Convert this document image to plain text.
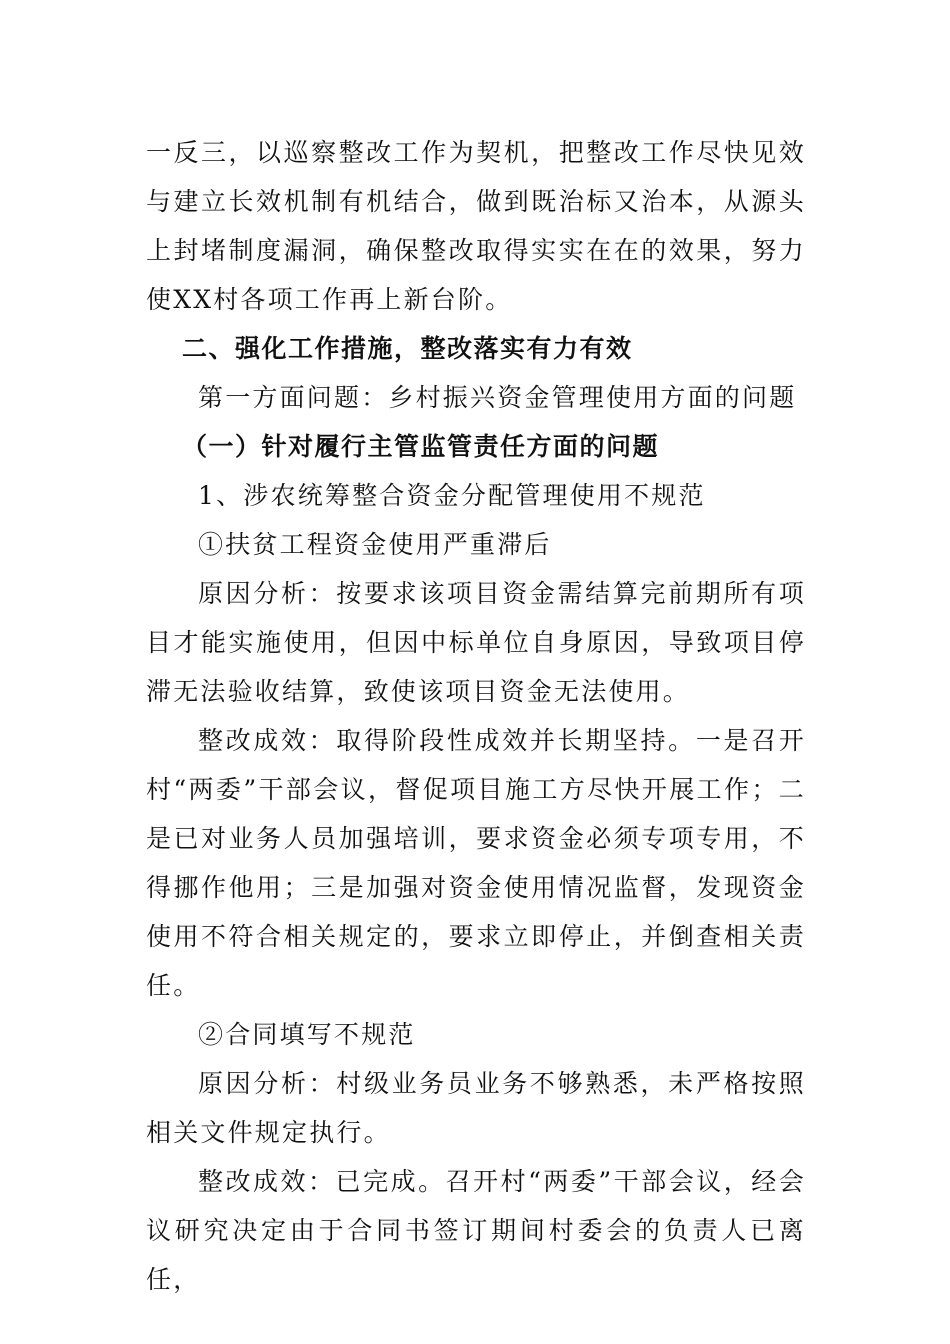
一反三，以巡察整改工作为契机，把整改工作尽快见效与建立长效机制有机结合，做到既治标又治本，从源头上封堵制度漏洞，确保整改取得实实在在的效果，努力使XX村各项工作再上新台阶。

二、强化工作措施，整改落实有力有效

第一方面问题：乡村振兴资金管理使用方面的问题

（一）针对履行主管监管责任方面的问题

1、涉农统筹整合资金分配管理使用不规范

①扶贫工程资金使用严重滞后

原因分析：按要求该项目资金需结算完前期所有项目才能实施使用，但因中标单位自身原因，导致项目停滞无法验收结算，致使该项目资金无法使用。

整改成效：取得阶段性成效并长期坚持。一是召开村“两委”干部会议，督促项目施工方尽快开展工作；二是已对业务人员加强培训，要求资金必须专项专用，不得挪作他用；三是加强对资金使用情况监督，发现资金使用不符合相关规定的，要求立即停止，并倒查相关责任。

②合同填写不规范

原因分析：村级业务员业务不够熟悉，未严格按照相关文件规定执行。

整改成效：已完成。召开村“两委”干部会议，经会议研究决定由于合同书签订期间村委会的负责人已离任，
